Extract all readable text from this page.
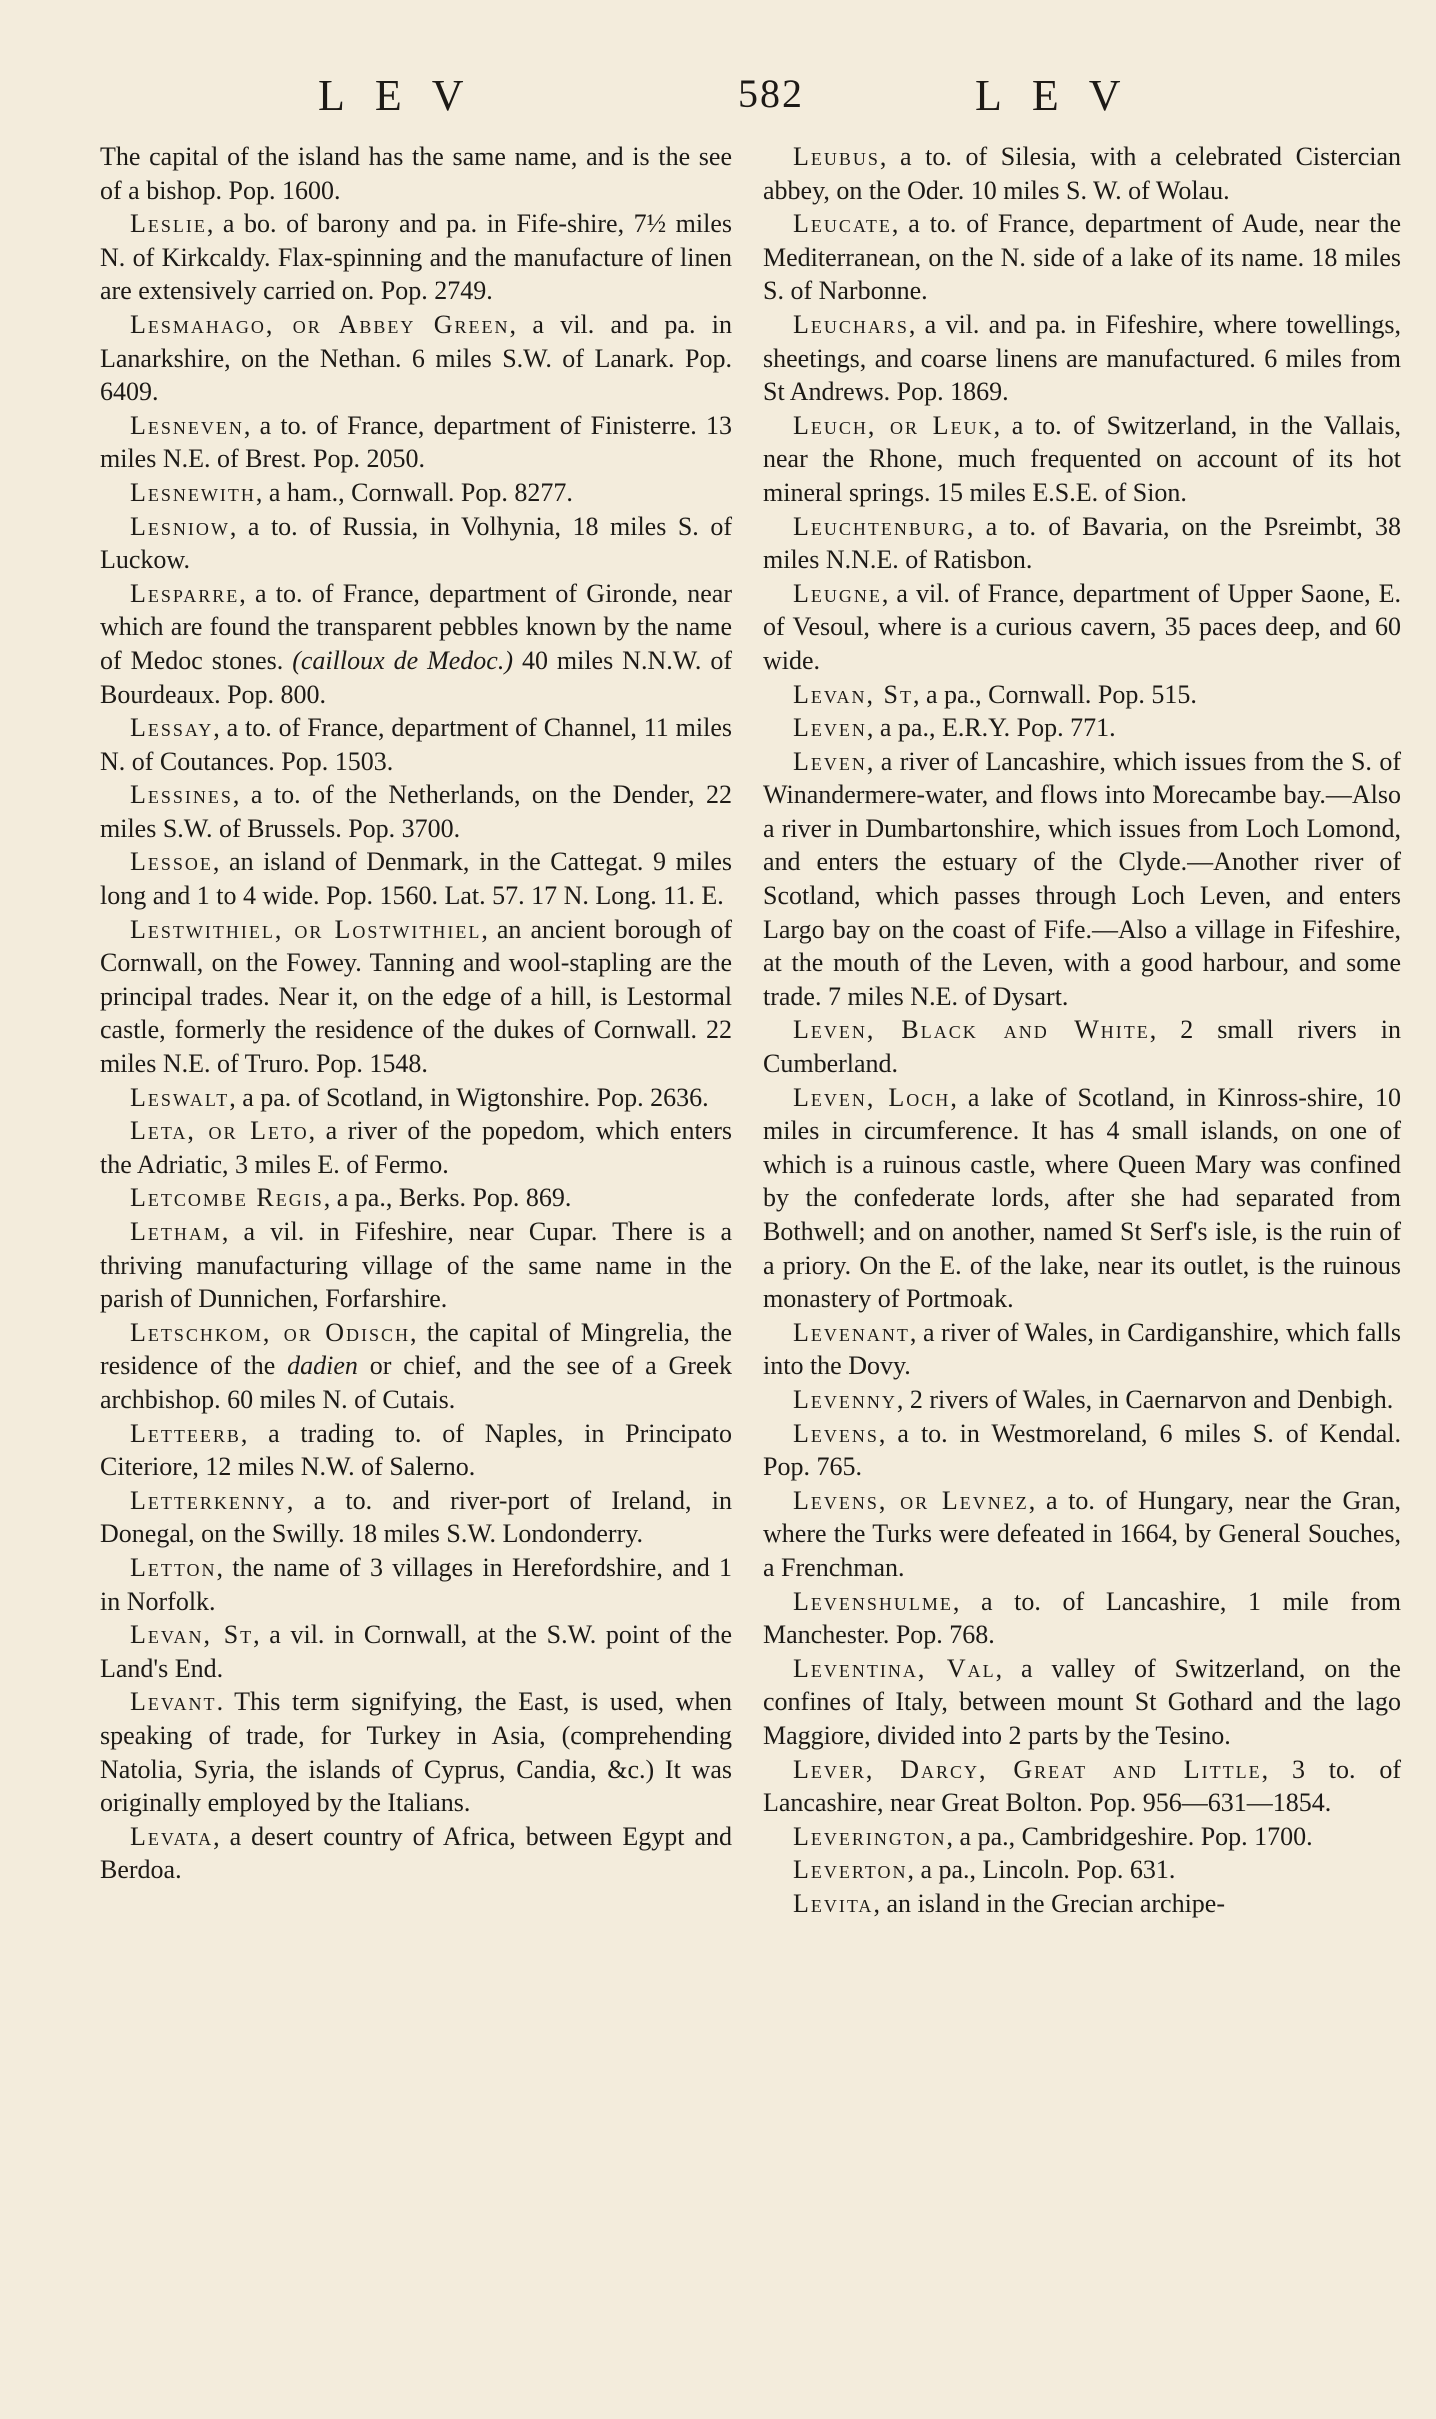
LEV	582	LEV

The capital of the island has the same name, and is the see of a bishop. Pop. 1600.

Leslie, a bo. of barony and pa. in Fife-shire, 7½ miles N. of Kirkcaldy. Flax-spinning and the manufacture of linen are extensively carried on. Pop. 2749.

Lesmahago, or Abbey Green, a vil. and pa. in Lanarkshire, on the Nethan. 6 miles S.W. of Lanark. Pop. 6409.

Lesneven, a to. of France, department of Finisterre. 13 miles N.E. of Brest. Pop. 2050.

Lesnewith, a ham., Cornwall. Pop. 8277.

Lesniow, a to. of Russia, in Volhynia, 18 miles S. of Luckow.

Lesparre, a to. of France, department of Gironde, near which are found the transparent pebbles known by the name of Medoc stones. (cailloux de Medoc.) 40 miles N.N.W. of Bourdeaux. Pop. 800.

Lessay, a to. of France, department of Channel, 11 miles N. of Coutances. Pop. 1503.

Lessines, a to. of the Netherlands, on the Dender, 22 miles S.W. of Brussels. Pop. 3700.

Lessoe, an island of Denmark, in the Cattegat. 9 miles long and 1 to 4 wide. Pop. 1560. Lat. 57. 17 N. Long. 11. E.

Lestwithiel, or Lostwithiel, an ancient borough of Cornwall, on the Fowey. Tanning and wool-stapling are the principal trades. Near it, on the edge of a hill, is Lestormal castle, formerly the residence of the dukes of Cornwall. 22 miles N.E. of Truro. Pop. 1548.

Leswalt, a pa. of Scotland, in Wigtonshire. Pop. 2636.

Leta, or Leto, a river of the popedom, which enters the Adriatic, 3 miles E. of Fermo.

Letcombe Regis, a pa., Berks. Pop. 869.

Letham, a vil. in Fifeshire, near Cupar. There is a thriving manufacturing village of the same name in the parish of Dunnichen, Forfarshire.

Letschkom, or Odisch, the capital of Mingrelia, the residence of the dadien or chief, and the see of a Greek archbishop. 60 miles N. of Cutais.

Letteerb, a trading to. of Naples, in Principato Citeriore, 12 miles N.W. of Salerno.

Letterkenny, a to. and river-port of Ireland, in Donegal, on the Swilly. 18 miles S.W. Londonderry.

Letton, the name of 3 villages in Herefordshire, and 1 in Norfolk.

Levan, St, a vil. in Cornwall, at the S.W. point of the Land's End.

Levant. This term signifying, the East, is used, when speaking of trade, for Turkey in Asia, (comprehending Natolia, Syria, the islands of Cyprus, Candia, &c.) It was originally employed by the Italians.

Levata, a desert country of Africa, between Egypt and Berdoa.

Leubus, a to. of Silesia, with a celebrated Cistercian abbey, on the Oder. 10 miles S. W. of Wolau.

Leucate, a to. of France, department of Aude, near the Mediterranean, on the N. side of a lake of its name. 18 miles S. of Narbonne.

Leuchars, a vil. and pa. in Fifeshire, where towellings, sheetings, and coarse linens are manufactured. 6 miles from St Andrews. Pop. 1869.

Leuch, or Leuk, a to. of Switzerland, in the Vallais, near the Rhone, much frequented on account of its hot mineral springs. 15 miles E.S.E. of Sion.

Leuchtenburg, a to. of Bavaria, on the Psreimbt, 38 miles N.N.E. of Ratisbon.

Leugne, a vil. of France, department of Upper Saone, E. of Vesoul, where is a curious cavern, 35 paces deep, and 60 wide.

Levan, St, a pa., Cornwall. Pop. 515.

Leven, a pa., E.R.Y. Pop. 771.

Leven, a river of Lancashire, which issues from the S. of Winandermere-water, and flows into Morecambe bay.—Also a river in Dumbartonshire, which issues from Loch Lomond, and enters the estuary of the Clyde.—Another river of Scotland, which passes through Loch Leven, and enters Largo bay on the coast of Fife.—Also a village in Fifeshire, at the mouth of the Leven, with a good harbour, and some trade. 7 miles N.E. of Dysart.

Leven, Black and White, 2 small rivers in Cumberland.

Leven, Loch, a lake of Scotland, in Kinross-shire, 10 miles in circumference. It has 4 small islands, on one of which is a ruinous castle, where Queen Mary was confined by the confederate lords, after she had separated from Bothwell; and on another, named St Serf's isle, is the ruin of a priory. On the E. of the lake, near its outlet, is the ruinous monastery of Portmoak.

Levenant, a river of Wales, in Cardiganshire, which falls into the Dovy.

Levenny, 2 rivers of Wales, in Caernarvon and Denbigh.

Levens, a to. in Westmoreland, 6 miles S. of Kendal. Pop. 765.

Levens, or Levnez, a to. of Hungary, near the Gran, where the Turks were defeated in 1664, by General Souches, a Frenchman.

Levenshulme, a to. of Lancashire, 1 mile from Manchester. Pop. 768.

Leventina, Val, a valley of Switzerland, on the confines of Italy, between mount St Gothard and the lago Maggiore, divided into 2 parts by the Tesino.

Lever, Darcy, Great and Little, 3 to. of Lancashire, near Great Bolton. Pop. 956—631—1854.

Leverington, a pa., Cambridgeshire. Pop. 1700.

Leverton, a pa., Lincoln. Pop. 631.

Levita, an island in the Grecian archipe-
